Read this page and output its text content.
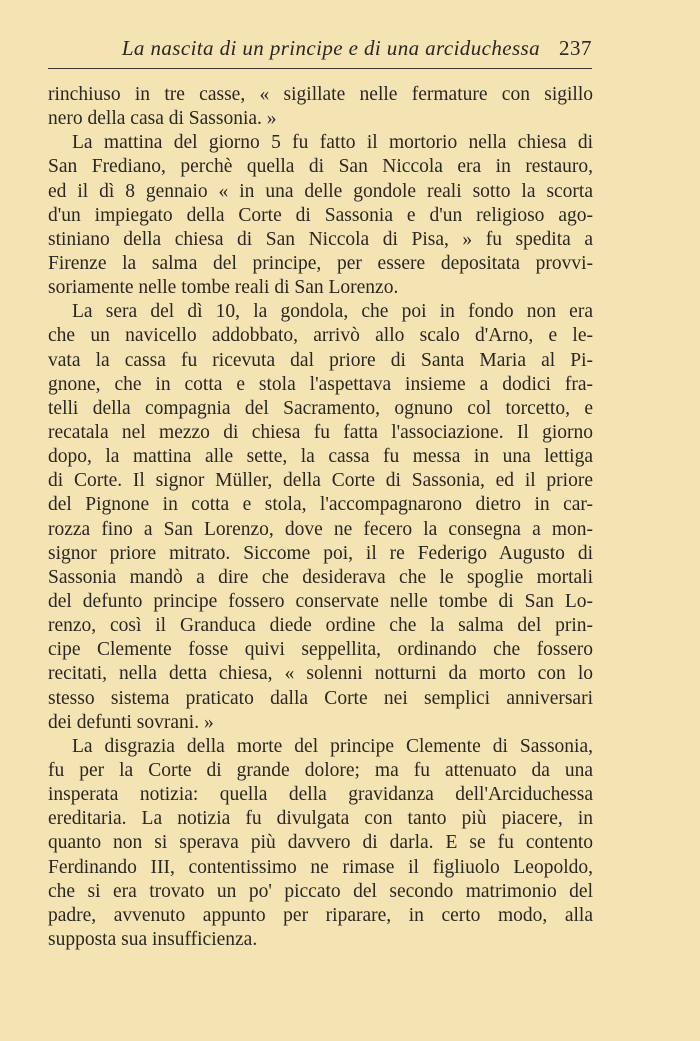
La nascita di un principe e di una arciduchessa 237
rinchiuso in tre casse, « sigillate nelle fermature con sigillo
nero della casa di Sassonia. »
La mattina del giorno 5 fu fatto il mortorio nella chiesa di
San Frediano, perchè quella di San Niccola era in restauro,
ed il dì 8 gennaio « in una delle gondole reali sotto la scorta
d'un impiegato della Corte di Sassonia e d'un religioso ago-
stiniano della chiesa di San Niccola di Pisa, » fu spedita a
Firenze la salma del principe, per essere depositata provvi-
soriamente nelle tombe reali di San Lorenzo.
La sera del dì 10, la gondola, che poi in fondo non era
che un navicello addobbato, arrivò allo scalo d'Arno, e le-
vata la cassa fu ricevuta dal priore di Santa Maria al Pi-
gnone, che in cotta e stola l'aspettava insieme a dodici fra-
telli della compagnia del Sacramento, ognuno col torcetto, e
recatala nel mezzo di chiesa fu fatta l'associazione. Il giorno
dopo, la mattina alle sette, la cassa fu messa in una lettiga
di Corte. Il signor Müller, della Corte di Sassonia, ed il priore
del Pignone in cotta e stola, l'accompagnarono dietro in car-
rozza fino a San Lorenzo, dove ne fecero la consegna a mon-
signor priore mitrato. Siccome poi, il re Federigo Augusto di
Sassonia mandò a dire che desiderava che le spoglie mortali
del defunto principe fossero conservate nelle tombe di San Lo-
renzo, così il Granduca diede ordine che la salma del prin-
cipe Clemente fosse quivi seppellita, ordinando che fossero
recitati, nella detta chiesa, « solenni notturni da morto con lo
stesso sistema praticato dalla Corte nei semplici anniversari
dei defunti sovrani. »
La disgrazia della morte del principe Clemente di Sassonia,
fu per la Corte di grande dolore; ma fu attenuato da una
insperata notizia: quella della gravidanza dell'Arciduchessa
ereditaria. La notizia fu divulgata con tanto più piacere, in
quanto non si sperava più davvero di darla. E se fu contento
Ferdinando III, contentissimo ne rimase il figliuolo Leopoldo,
che si era trovato un po' piccato del secondo matrimonio del
padre, avvenuto appunto per riparare, in certo modo, alla
supposta sua insufficienza.
